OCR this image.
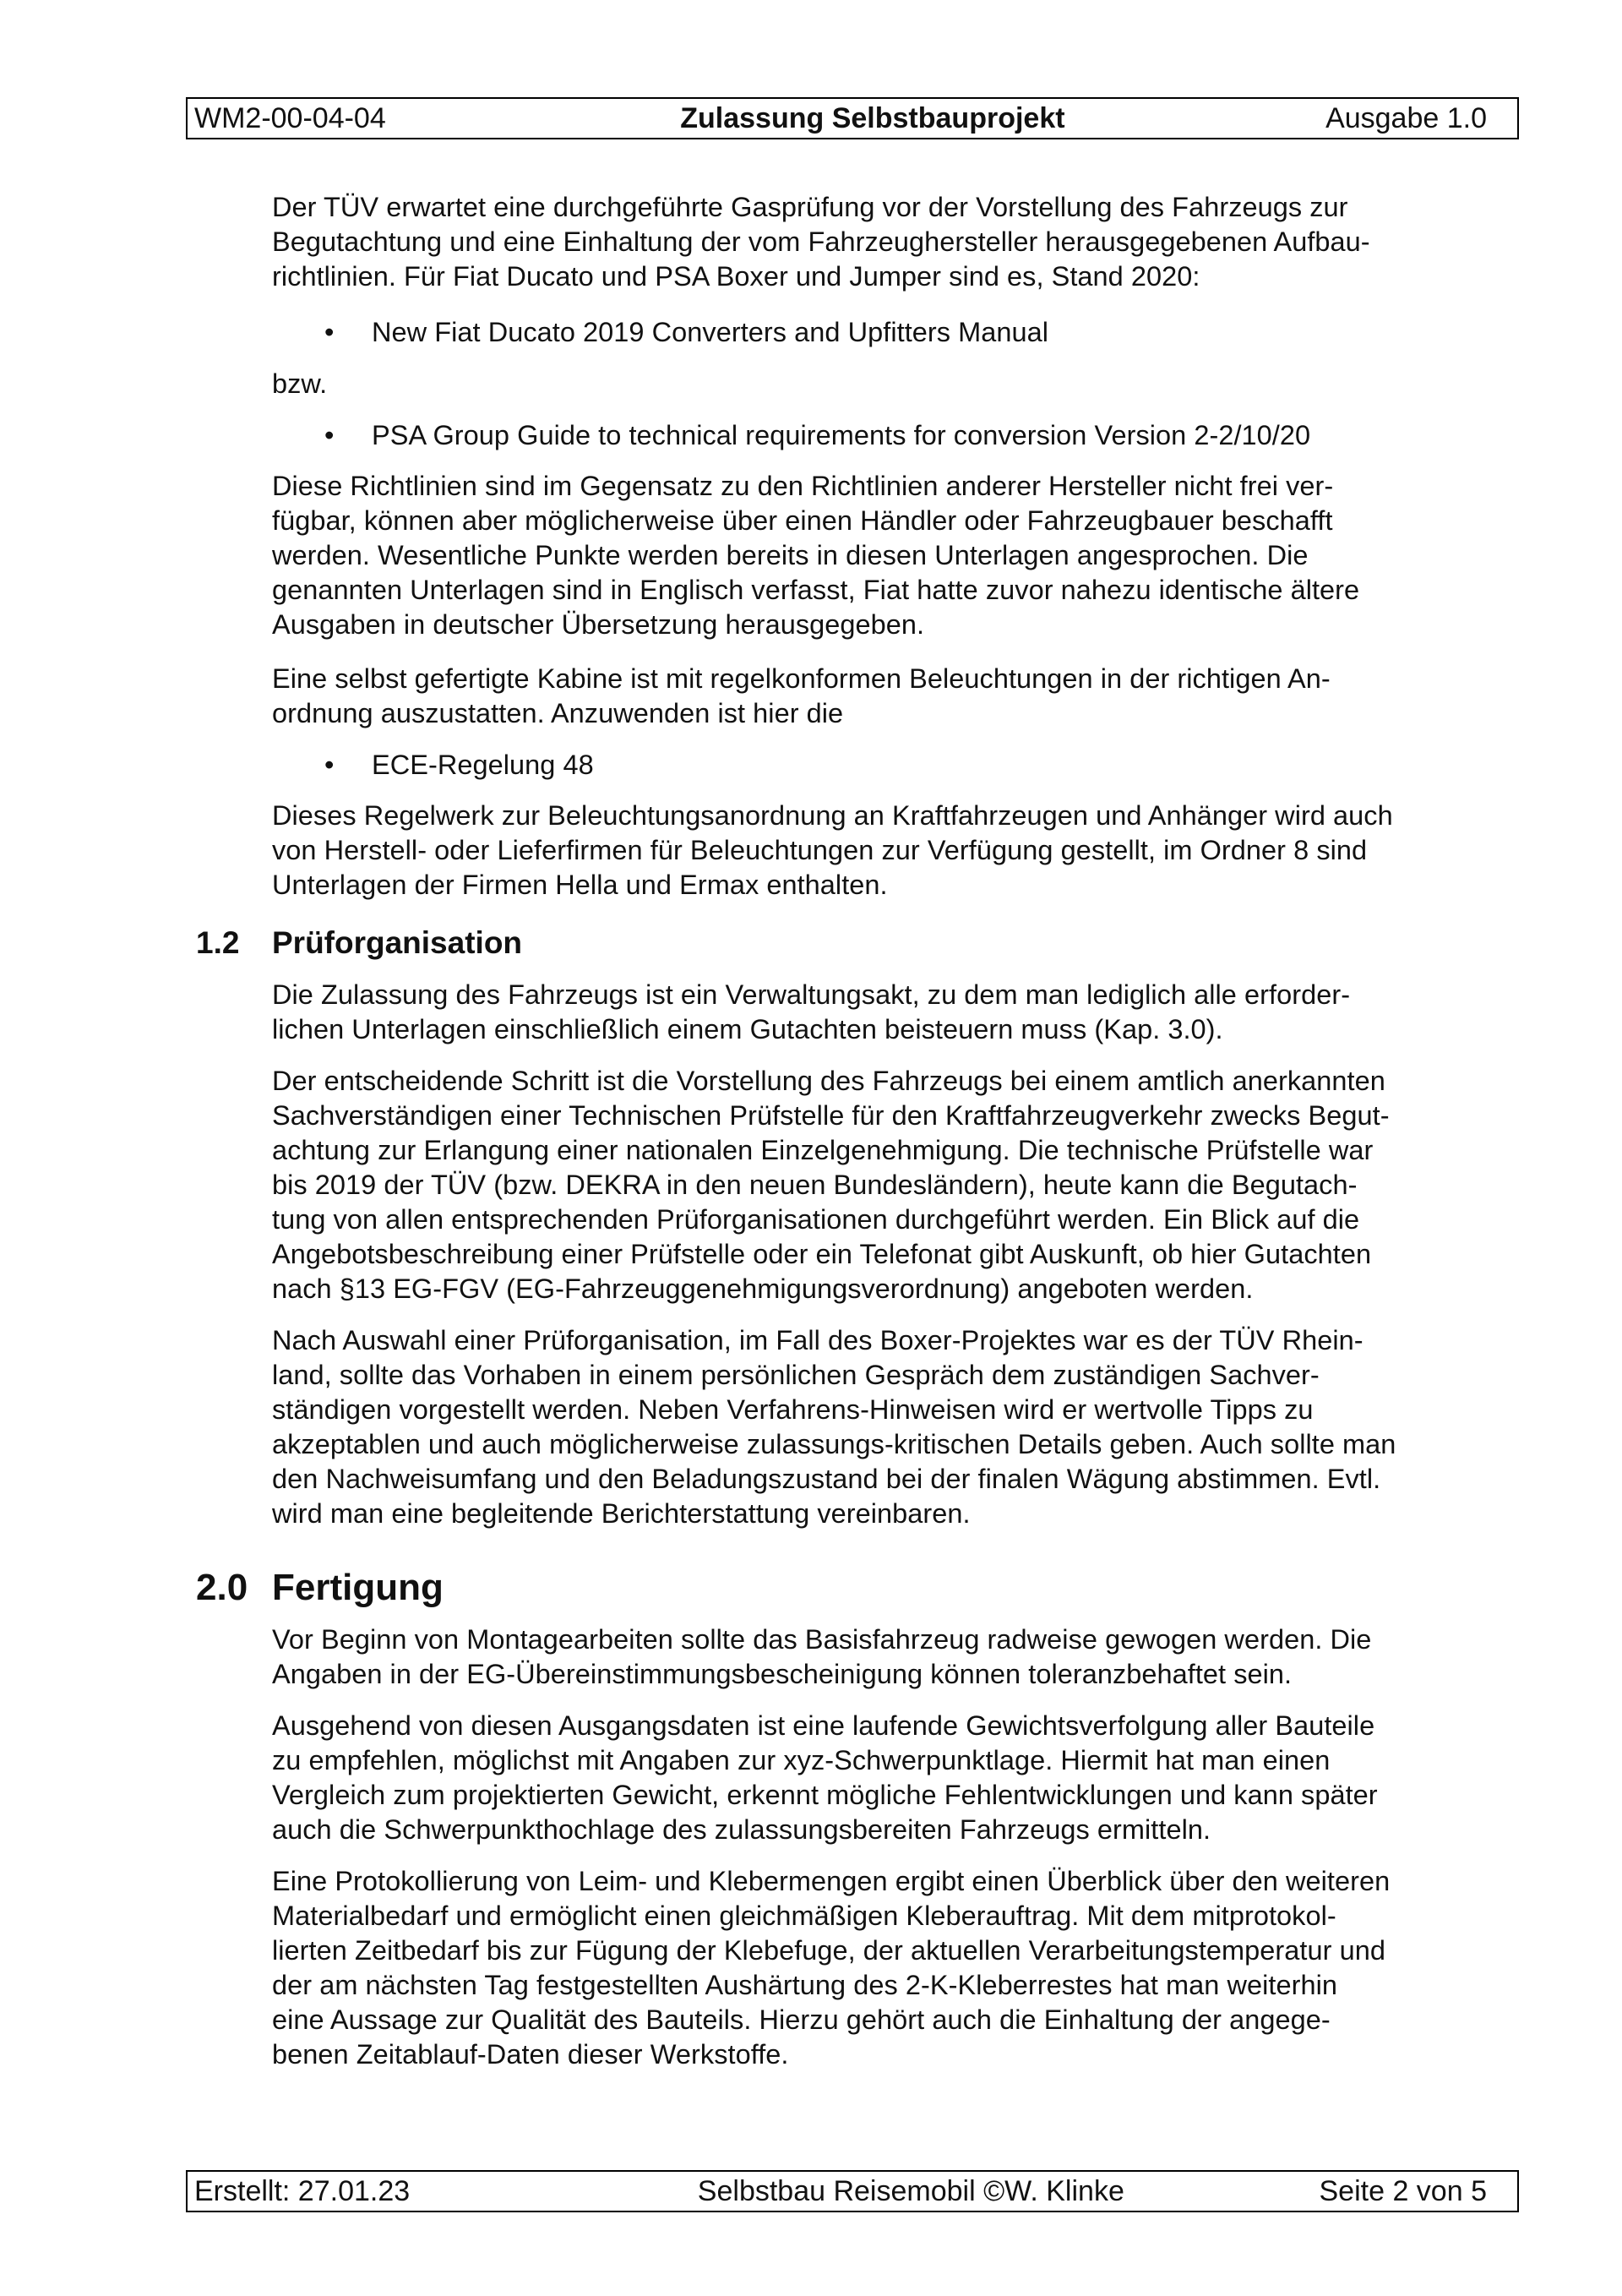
WM2-00-04-04	Zulassung Selbstbauprojekt	Ausgabe 1.0

Der TÜV erwartet eine durchgeführte Gasprüfung vor der Vorstellung des Fahrzeugs zur

Begutachtung und eine Einhaltung der vom Fahrzeughersteller herausgegebenen Aufbau-

richtlinien. Für Fiat Ducato und PSA Boxer und Jumper sind es, Stand 2020:

• New Fiat Ducato 2019 Converters and Upfitters Manual

bzw.

• PSA Group Guide to technical requirements for conversion Version 2-2/10/20

Diese Richtlinien sind im Gegensatz zu den Richtlinien anderer Hersteller nicht frei ver-

fügbar, können aber möglicherweise über einen Händler oder Fahrzeugbauer beschafft

werden. Wesentliche Punkte werden bereits in diesen Unterlagen angesprochen. Die

genannten Unterlagen sind in Englisch verfasst, Fiat hatte zuvor nahezu identische ältere

Ausgaben in deutscher Übersetzung herausgegeben.

Eine selbst gefertigte Kabine ist mit regelkonformen Beleuchtungen in der richtigen An-

ordnung auszustatten. Anzuwenden ist hier die

• ECE-Regelung 48

Dieses Regelwerk zur Beleuchtungsanordnung an Kraftfahrzeugen und Anhänger wird auch

von Herstell- oder Lieferfirmen für Beleuchtungen zur Verfügung gestellt, im Ordner 8 sind

Unterlagen der Firmen Hella und Ermax enthalten.

1.2 Prüforganisation

Die Zulassung des Fahrzeugs ist ein Verwaltungsakt, zu dem man lediglich alle erforder-

lichen Unterlagen einschließlich einem Gutachten beisteuern muss (Kap. 3.0).

Der entscheidende Schritt ist die Vorstellung des Fahrzeugs bei einem amtlich anerkannten

Sachverständigen einer Technischen Prüfstelle für den Kraftfahrzeugverkehr zwecks Begut-

achtung zur Erlangung einer nationalen Einzelgenehmigung. Die technische Prüfstelle war

bis 2019 der TÜV (bzw. DEKRA in den neuen Bundesländern), heute kann die Begutach-

tung von allen entsprechenden Prüforganisationen durchgeführt werden. Ein Blick auf die

Angebotsbeschreibung einer Prüfstelle oder ein Telefonat gibt Auskunft, ob hier Gutachten

nach §13 EG-FGV (EG-Fahrzeuggenehmigungsverordnung) angeboten werden.

Nach Auswahl einer Prüforganisation, im Fall des Boxer-Projektes war es der TÜV Rhein-

land, sollte das Vorhaben in einem persönlichen Gespräch dem zuständigen Sachver-

ständigen vorgestellt werden. Neben Verfahrens-Hinweisen wird er wertvolle Tipps zu

akzeptablen und auch möglicherweise zulassungs-kritischen Details geben. Auch sollte man

den Nachweisumfang und den Beladungszustand bei der finalen Wägung abstimmen. Evtl.

wird man eine begleitende Berichterstattung vereinbaren.

2.0 Fertigung

Vor Beginn von Montagearbeiten sollte das Basisfahrzeug radweise gewogen werden. Die

Angaben in der EG-Übereinstimmungsbescheinigung können toleranzbehaftet sein.

Ausgehend von diesen Ausgangsdaten ist eine laufende Gewichtsverfolgung aller Bauteile

zu empfehlen, möglichst mit Angaben zur xyz-Schwerpunktlage. Hiermit hat man einen

Vergleich zum projektierten Gewicht, erkennt mögliche Fehlentwicklungen und kann später

auch die Schwerpunkthochlage des zulassungsbereiten Fahrzeugs ermitteln.

Eine Protokollierung von Leim- und Klebermengen ergibt einen Überblick über den weiteren

Materialbedarf und ermöglicht einen gleichmäßigen Kleberauftrag. Mit dem mitprotokol-

lierten Zeitbedarf bis zur Fügung der Klebefuge, der aktuellen Verarbeitungstemperatur und

der am nächsten Tag festgestellten Aushärtung des 2-K-Kleberrestes hat man weiterhin

eine Aussage zur Qualität des Bauteils. Hierzu gehört auch die Einhaltung der angege-

benen Zeitablauf-Daten dieser Werkstoffe.

Erstellt: 27.01.23	Selbstbau Reisemobil ©W. Klinke	Seite 2 von 5
